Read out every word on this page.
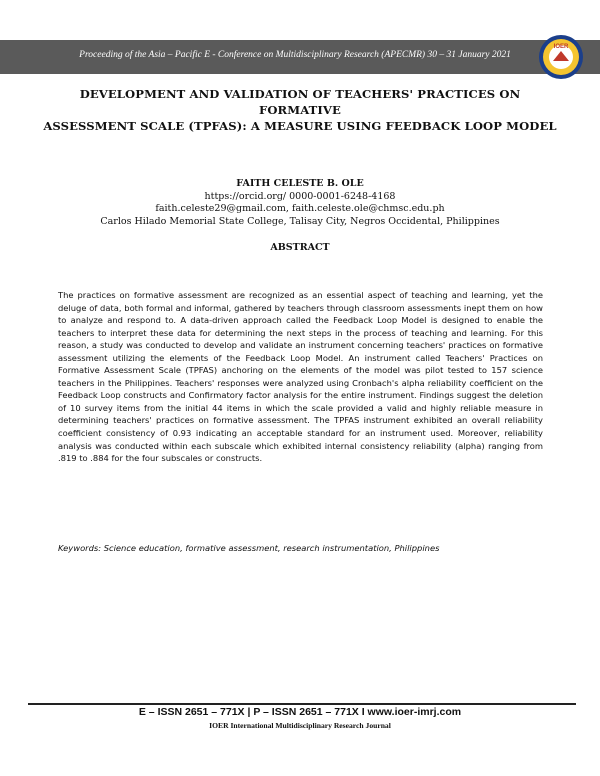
Proceeding of the Asia – Pacific E - Conference on Multidisciplinary Research (APECMR) 30 – 31 January 2021
IOER
DEVELOPMENT AND VALIDATION OF TEACHERS' PRACTICES ON FORMATIVE
ASSESSMENT SCALE (TPFAS): A MEASURE USING FEEDBACK LOOP MODEL
FAITH CELESTE B. OLE
https://orcid.org/ 0000-0001-6248-4168
faith.celeste29@gmail.com, faith.celeste.ole@chmsc.edu.ph
Carlos Hilado Memorial State College, Talisay City, Negros Occidental, Philippines
ABSTRACT
The practices on formative assessment are recognized as an essential aspect of teaching and learning, yet the deluge of data, both formal and informal, gathered by teachers through classroom assessments inept them on how to analyze and respond to. A data-driven approach called the Feedback Loop Model is designed to enable the teachers to interpret these data for determining the next steps in the process of teaching and learning. For this reason, a study was conducted to develop and validate an instrument concerning teachers' practices on formative assessment utilizing the elements of the Feedback Loop Model. An instrument called Teachers' Practices on Formative Assessment Scale (TPFAS) anchoring on the elements of the model was pilot tested to 157 science teachers in the Philippines. Teachers' responses were analyzed using Cronbach's alpha reliability coefficient on the Feedback Loop constructs and Confirmatory factor analysis for the entire instrument. Findings suggest the deletion of 10 survey items from the initial 44 items in which the scale provided a valid and highly reliable measure in determining teachers' practices on formative assessment. The TPFAS instrument exhibited an overall reliability coefficient consistency of 0.93 indicating an acceptable standard for an instrument used. Moreover, reliability analysis was conducted within each subscale which exhibited internal consistency reliability (alpha) ranging from .819 to .884 for the four subscales or constructs.
Keywords: Science education, formative assessment, research instrumentation, Philippines
E – ISSN 2651 – 771X | P – ISSN 2651 – 771X I www.ioer-imrj.com
IOER International Multidisciplinary Research Journal
